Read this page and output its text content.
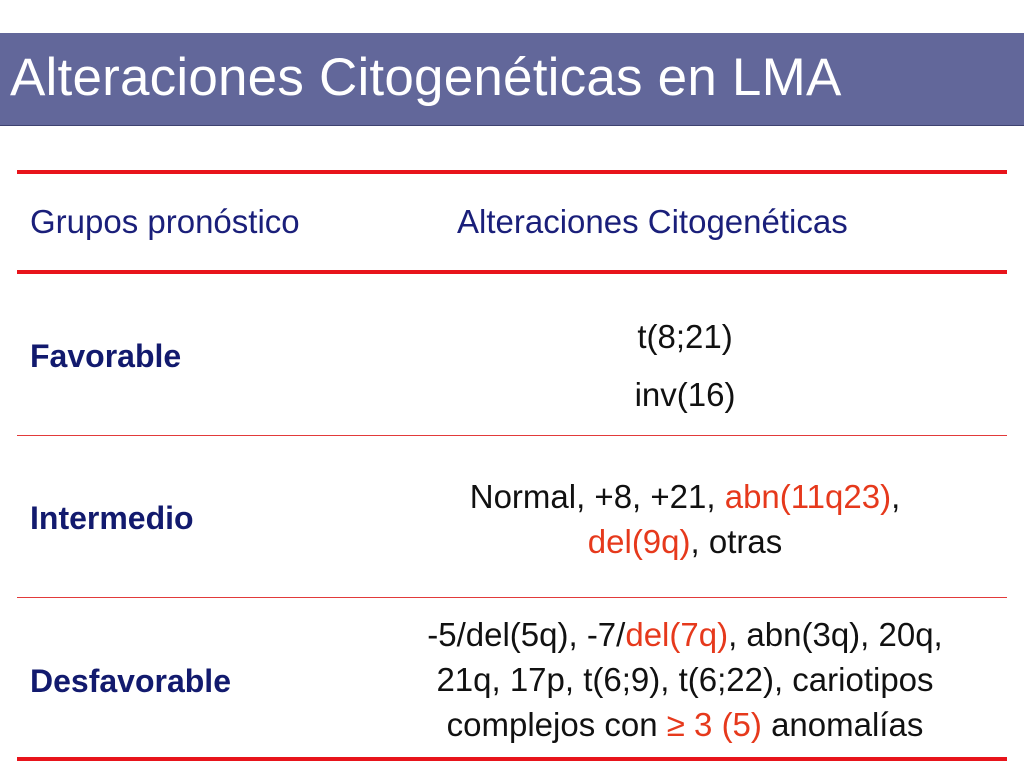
Alteraciones Citogenéticas en LMA
Grupos pronóstico	Alteraciones Citogenéticas
Favorable
t(8;21)
inv(16)
Intermedio
Normal, +8, +21, abn(11q23),
del(9q), otras
Desfavorable
-5/del(5q), -7/del(7q), abn(3q), 20q,
21q, 17p, t(6;9), t(6;22), cariotipos
complejos con ≥ 3 (5) anomalías
